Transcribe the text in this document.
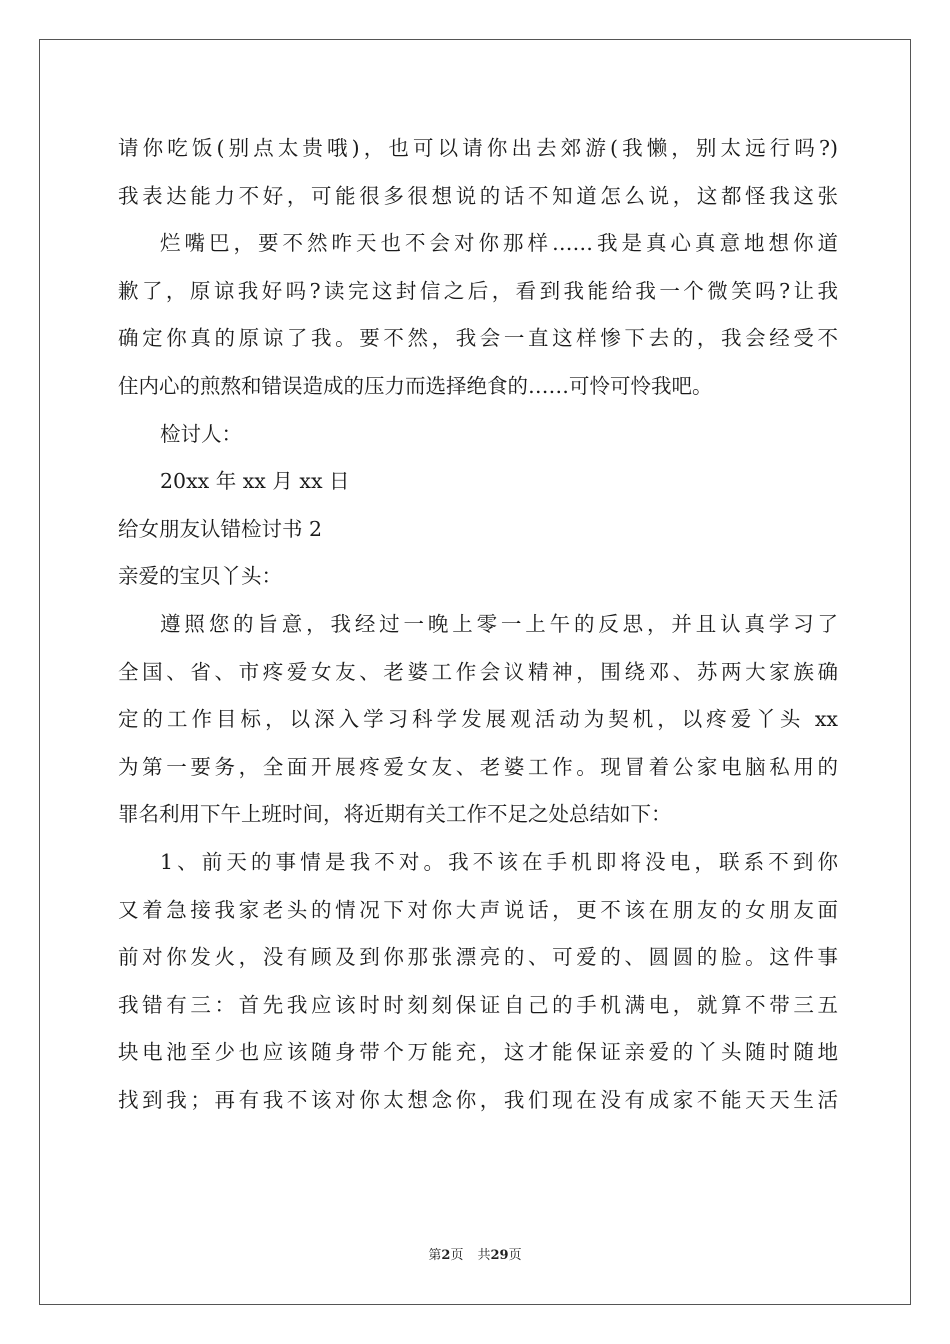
请你吃饭(别点太贵哦)，也可以请你出去郊游(我懒，别太远行吗?)
我表达能力不好，可能很多很想说的话不知道怎么说，这都怪我这张
烂嘴巴，要不然昨天也不会对你那样……我是真心真意地想你道
歉了，原谅我好吗?读完这封信之后，看到我能给我一个微笑吗?让我
确定你真的原谅了我。要不然，我会一直这样惨下去的，我会经受不
住内心的煎熬和错误造成的压力而选择绝食的……可怜可怜我吧。
检讨人：
20xx 年 xx 月 xx 日
给女朋友认错检讨书 2
亲爱的宝贝丫头：
遵照您的旨意，我经过一晚上零一上午的反思，并且认真学习了
全国、省、市疼爱女友、老婆工作会议精神，围绕邓、苏两大家族确
定的工作目标，以深入学习科学发展观活动为契机，以疼爱丫头 xx
为第一要务，全面开展疼爱女友、老婆工作。现冒着公家电脑私用的
罪名利用下午上班时间，将近期有关工作不足之处总结如下：
1、前天的事情是我不对。我不该在手机即将没电，联系不到你
又着急接我家老头的情况下对你大声说话，更不该在朋友的女朋友面
前对你发火，没有顾及到你那张漂亮的、可爱的、圆圆的脸。这件事
我错有三：首先我应该时时刻刻保证自己的手机满电，就算不带三五
块电池至少也应该随身带个万能充，这才能保证亲爱的丫头随时随地
找到我；再有我不该对你太想念你，我们现在没有成家不能天天生活
第2页 共29页
